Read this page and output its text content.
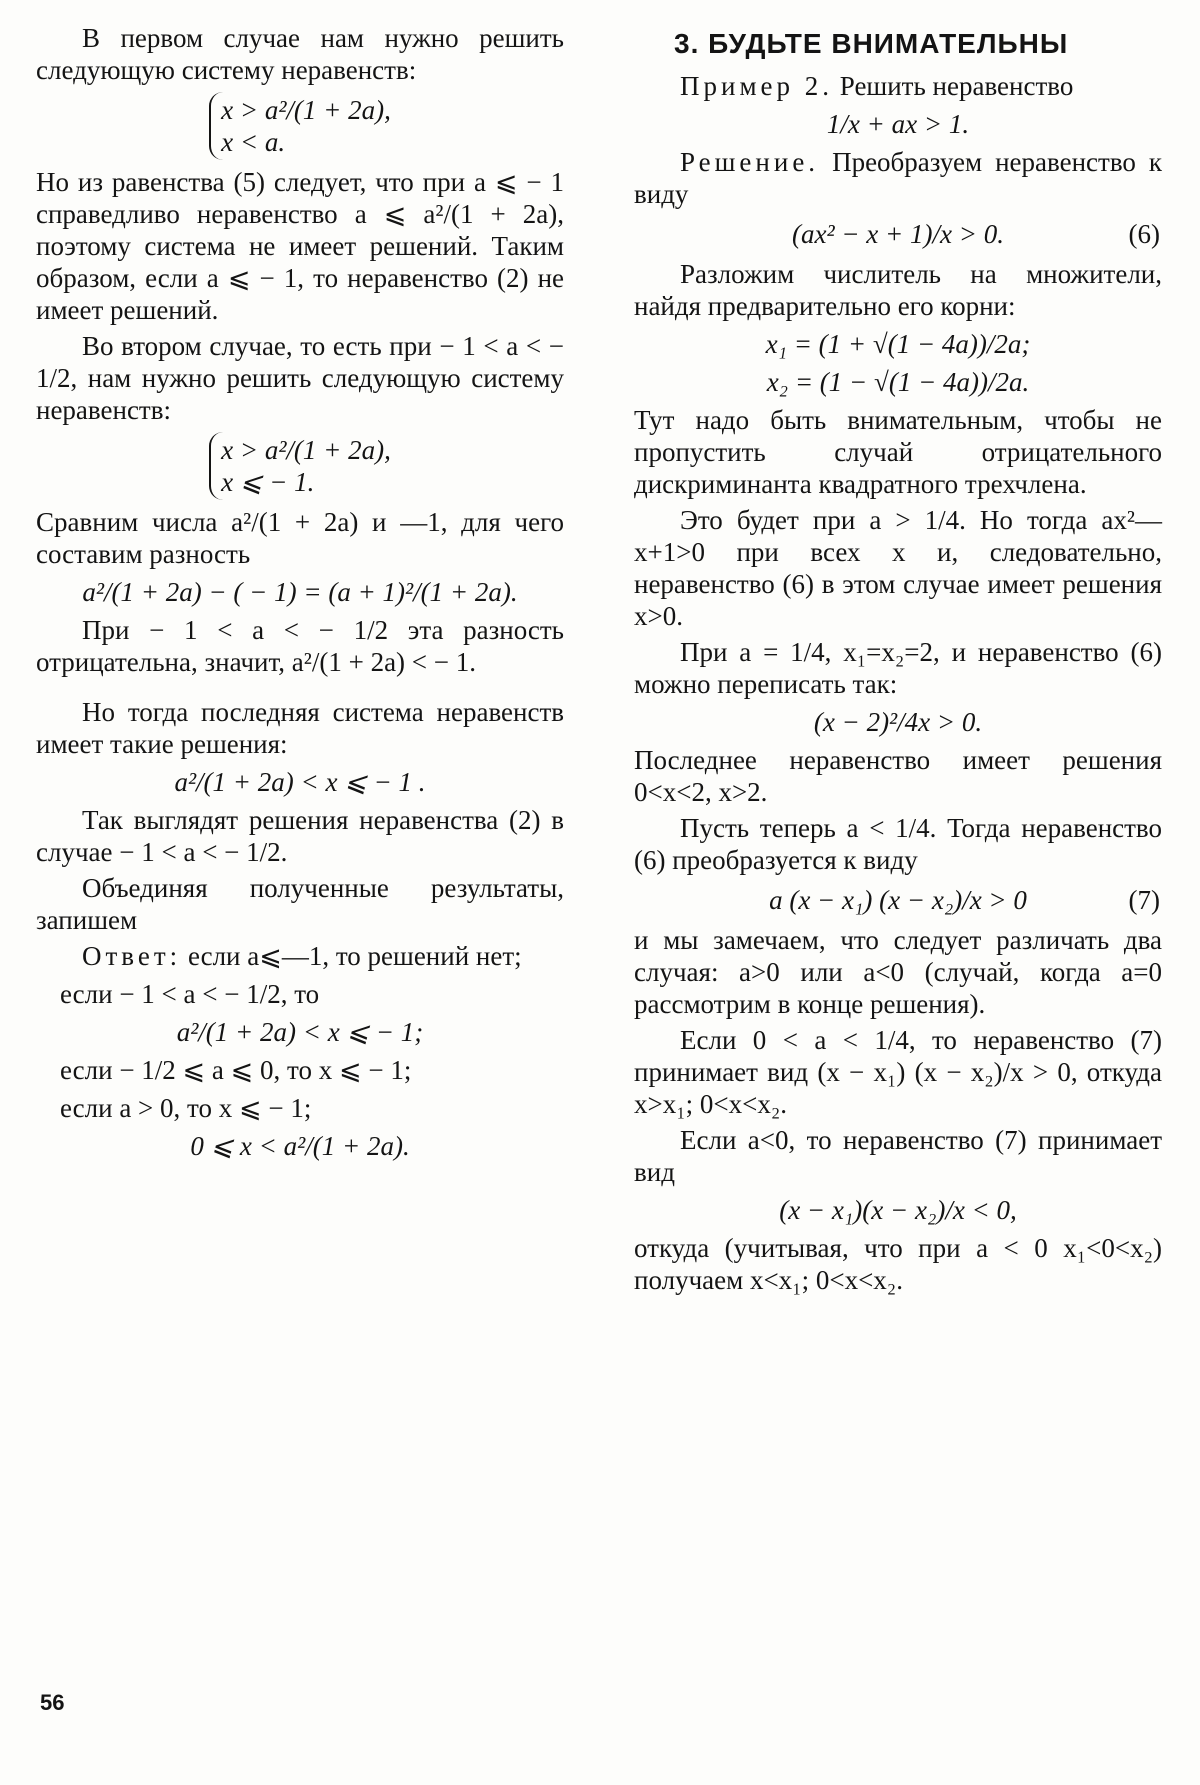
В первом случае нам нужно решить следующую систему неравенств:

x > a²/(1 + 2a),
x < a.

Но из равенства (5) следует, что при a ⩽ − 1 справедливо неравенство a ⩽ a²/(1 + 2a), поэтому система не имеет решений. Таким образом, если a ⩽ − 1, то неравенство (2) не имеет решений.

Во втором случае, то есть при − 1 < a < − 1/2, нам нужно решить следующую систему неравенств:

x > a²/(1 + 2a),
x ⩽ − 1.

Сравним числа a²/(1 + 2a) и —1, для чего составим разность

a²/(1 + 2a) − ( − 1) = (a + 1)²/(1 + 2a).

При − 1 < a < − 1/2 эта разность отрицательна, значит, a²/(1 + 2a) < − 1.

Но тогда последняя система неравенств имеет такие решения:

a²/(1 + 2a) < x ⩽ − 1 .

Так выглядят решения неравенства (2) в случае − 1 < a < − 1/2.

Объединяя полученные результаты, запишем

Ответ: если a⩽—1, то решений нет;

если − 1 < a < − 1/2, то
a²/(1 + 2a) < x ⩽ − 1;
если − 1/2 ⩽ a ⩽ 0, то x ⩽ − 1;
если a > 0, то x ⩽ − 1;
0 ⩽ x < a²/(1 + 2a).
3. БУДЬТЕ ВНИМАТЕЛЬНЫ

Пример 2. Решить неравенство

1/x + ax > 1.

Решение. Преобразуем неравенство к виду

(ax² − x + 1)/x > 0.	(6)

Разложим числитель на множители, найдя предварительно его корни:

x₁ = (1 + √(1 − 4a))/2a;
x₂ = (1 − √(1 − 4a))/2a.

Тут надо быть внимательным, чтобы не пропустить случай отрицательного дискриминанта квадратного трехчлена.

Это будет при a > 1/4. Но тогда ax²—x+1>0 при всех x и, следовательно, неравенство (6) в этом случае имеет решения x>0.

При a = 1/4, x₁=x₂=2, и неравенство (6) можно переписать так:

(x − 2)²/4x > 0.

Последнее неравенство имеет решения 0<x<2, x>2.

Пусть теперь a < 1/4. Тогда неравенство (6) преобразуется к виду

a (x − x₁) (x − x₂)/x > 0	(7)

и мы замечаем, что следует различать два случая: a>0 или a<0 (случай, когда a=0 рассмотрим в конце решения).

Если 0 < a < 1/4, то неравенство (7) принимает вид (x − x₁) (x − x₂)/x > 0, откуда x>x₁; 0<x<x₂.

Если a<0, то неравенство (7) принимает вид

(x − x₁)(x − x₂)/x < 0,

откуда (учитывая, что при a < 0 x₁<0<x₂) получаем x<x₁; 0<x<x₂.

56
